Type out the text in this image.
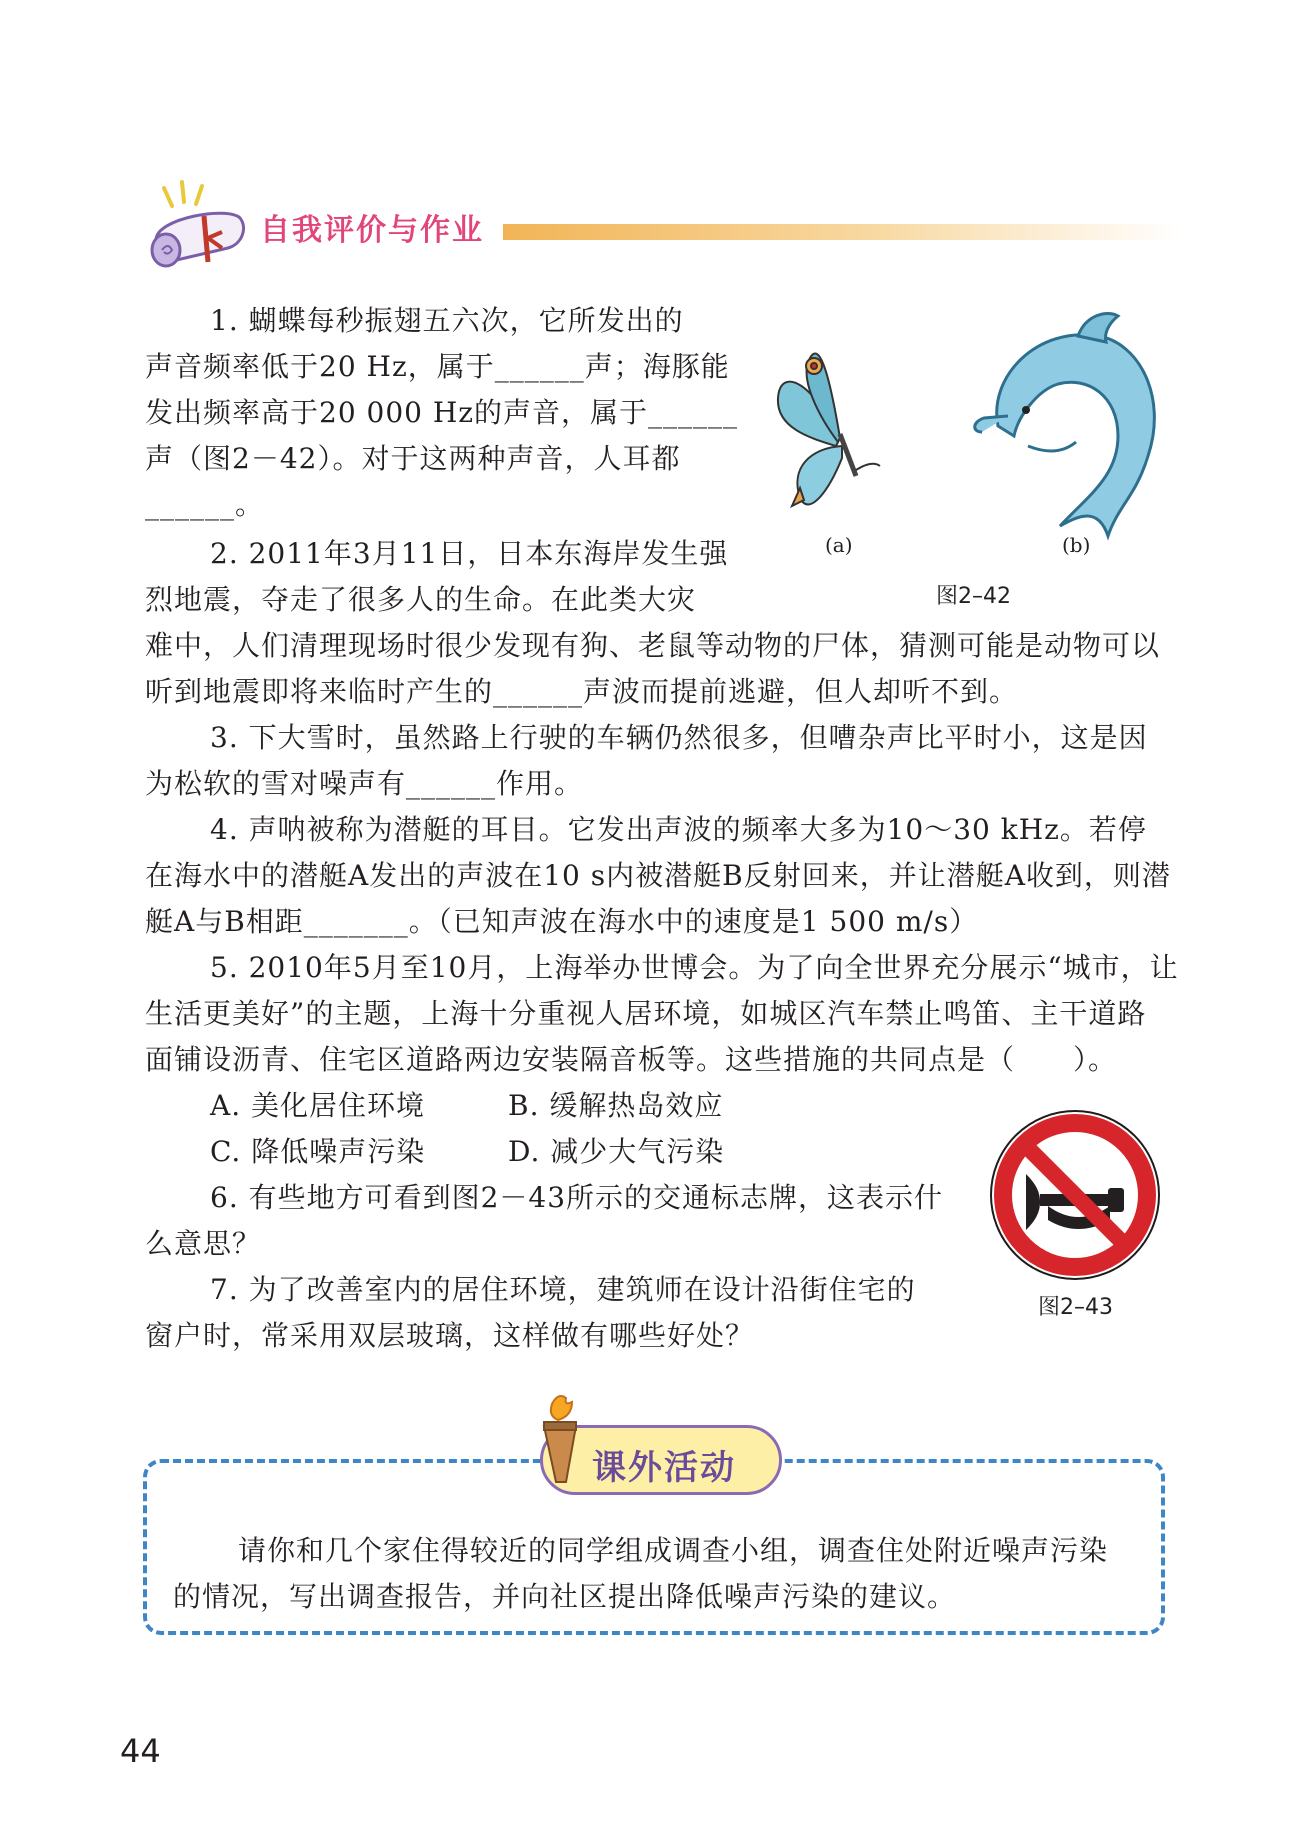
自我评价与作业
1. 蝴蝶每秒振翅五六次，它所发出的
声音频率低于20 Hz，属于______声；海豚能
发出频率高于20 000 Hz的声音，属于______
声（图2－42）。对于这两种声音，人耳都
______。
(a)	(b)
图2–42
2. 2011年3月11日，日本东海岸发生强
烈地震，夺走了很多人的生命。在此类大灾
难中，人们清理现场时很少发现有狗、老鼠等动物的尸体，猜测可能是动物可以
听到地震即将来临时产生的______声波而提前逃避，但人却听不到。
3. 下大雪时，虽然路上行驶的车辆仍然很多，但嘈杂声比平时小，这是因
为松软的雪对噪声有______作用。
4. 声呐被称为潜艇的耳目。它发出声波的频率大多为10～30 kHz。若停
在海水中的潜艇A发出的声波在10 s内被潜艇B反射回来，并让潜艇A收到，则潜
艇A与B相距_______。（已知声波在海水中的速度是1 500 m/s）
5. 2010年5月至10月，上海举办世博会。为了向全世界充分展示“城市，让
生活更美好”的主题，上海十分重视人居环境，如城区汽车禁止鸣笛、主干道路
面铺设沥青、住宅区道路两边安装隔音板等。这些措施的共同点是（　　）。
A. 美化居住环境	B. 缓解热岛效应
C. 降低噪声污染	D. 减少大气污染
6. 有些地方可看到图2－43所示的交通标志牌，这表示什
么意思？
图2–43
7. 为了改善室内的居住环境，建筑师在设计沿街住宅的
窗户时，常采用双层玻璃，这样做有哪些好处？
课外活动
请你和几个家住得较近的同学组成调查小组，调查住处附近噪声污染
的情况，写出调查报告，并向社区提出降低噪声污染的建议。
44
